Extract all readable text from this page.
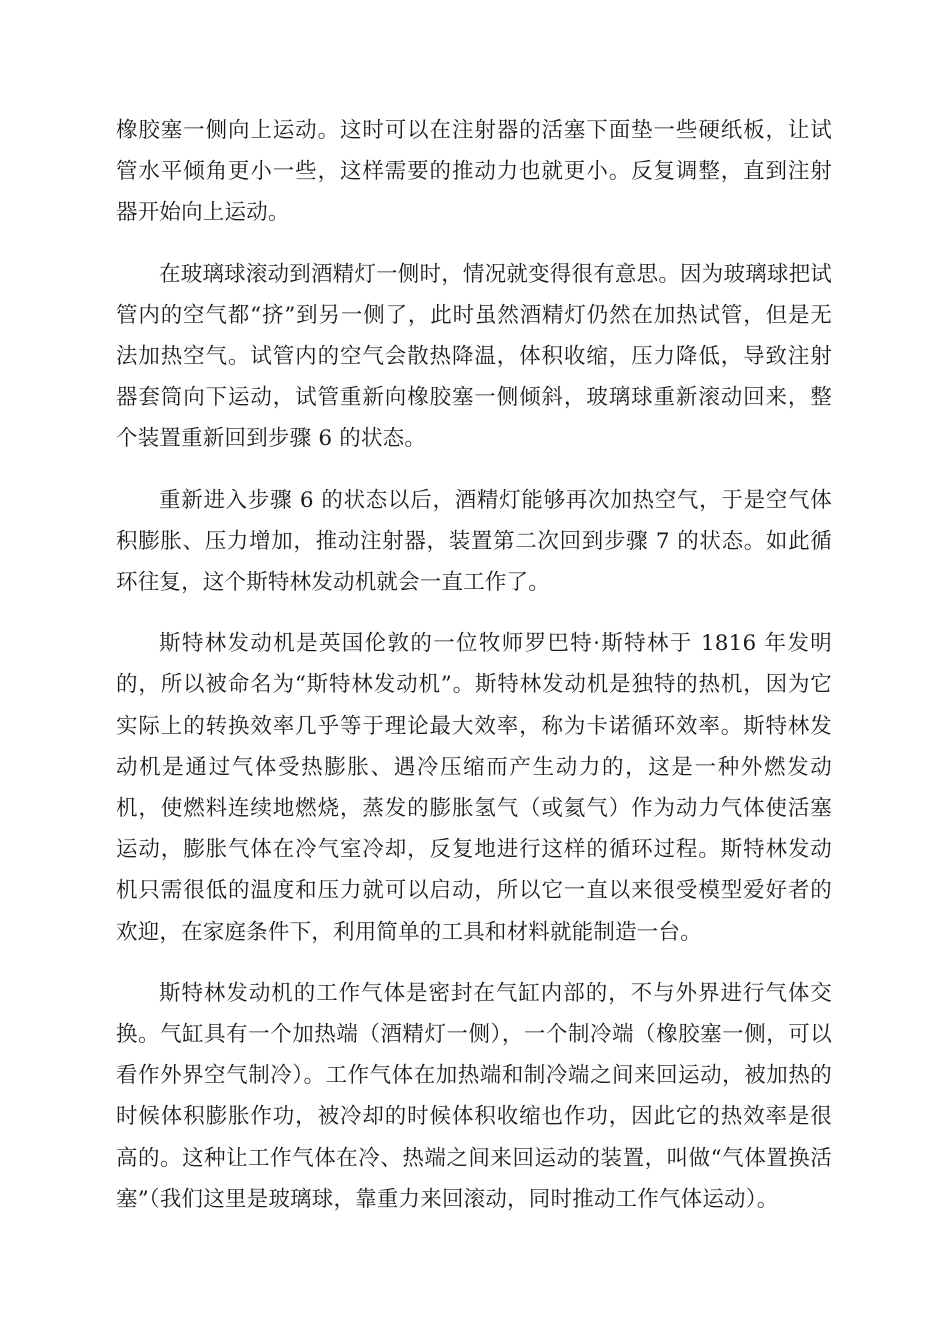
橡胶塞一侧向上运动。这时可以在注射器的活塞下面垫一些硬纸板，让试管水平倾角更小一些，这样需要的推动力也就更小。反复调整，直到注射器开始向上运动。

在玻璃球滚动到酒精灯一侧时，情况就变得很有意思。因为玻璃球把试管内的空气都“挤”到另一侧了，此时虽然酒精灯仍然在加热试管，但是无法加热空气。试管内的空气会散热降温，体积收缩，压力降低，导致注射器套筒向下运动，试管重新向橡胶塞一侧倾斜，玻璃球重新滚动回来，整个装置重新回到步骤 6 的状态。

重新进入步骤 6 的状态以后，酒精灯能够再次加热空气，于是空气体积膨胀、压力增加，推动注射器，装置第二次回到步骤 7 的状态。如此循环往复，这个斯特林发动机就会一直工作了。

斯特林发动机是英国伦敦的一位牧师罗巴特·斯特林于 1816 年发明的，所以被命名为“斯特林发动机”。斯特林发动机是独特的热机，因为它实际上的转换效率几乎等于理论最大效率，称为卡诺循环效率。斯特林发动机是通过气体受热膨胀、遇冷压缩而产生动力的，这是一种外燃发动机，使燃料连续地燃烧，蒸发的膨胀氢气（或氦气）作为动力气体使活塞运动，膨胀气体在冷气室冷却，反复地进行这样的循环过程。斯特林发动机只需很低的温度和压力就可以启动，所以它一直以来很受模型爱好者的欢迎，在家庭条件下，利用简单的工具和材料就能制造一台。

斯特林发动机的工作气体是密封在气缸内部的，不与外界进行气体交换。气缸具有一个加热端（酒精灯一侧），一个制冷端（橡胶塞一侧，可以看作外界空气制冷）。工作气体在加热端和制冷端之间来回运动，被加热的时候体积膨胀作功，被冷却的时候体积收缩也作功，因此它的热效率是很高的。这种让工作气体在冷、热端之间来回运动的装置，叫做“气体置换活塞”（我们这里是玻璃球，靠重力来回滚动，同时推动工作气体运动）。
